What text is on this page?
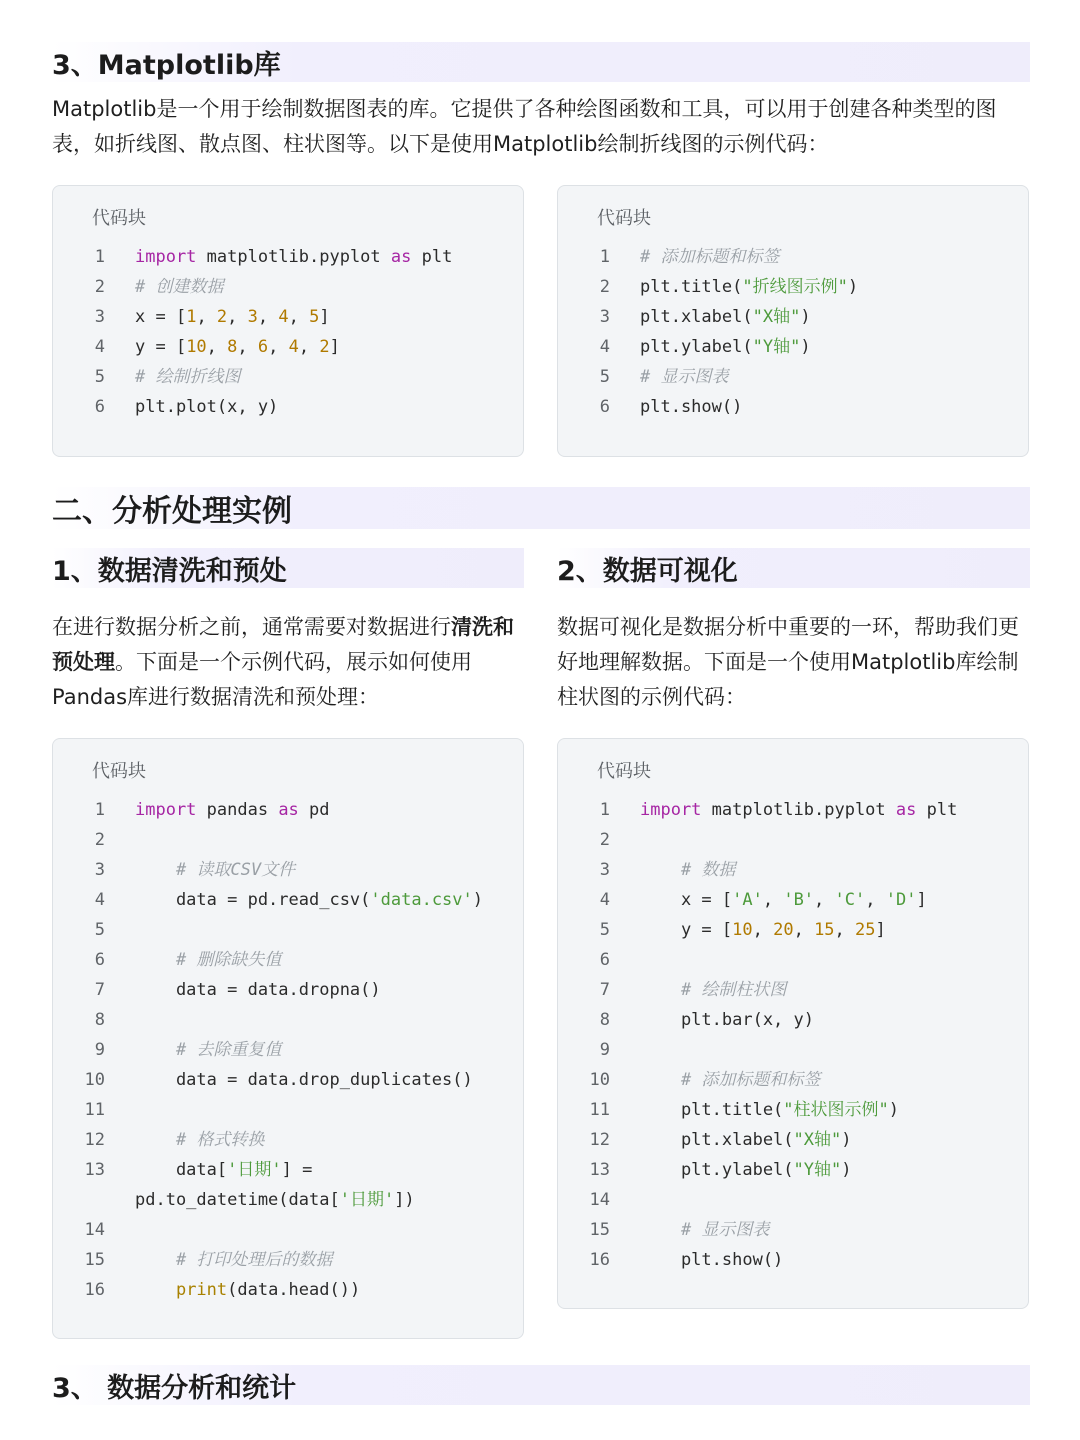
3、Matplotlib库

Matplotlib是一个用于绘制数据图表的库。它提供了各种绘图函数和工具，可以用于创建各种类型的图表，如折线图、散点图、柱状图等。以下是使用Matplotlib绘制折线图的示例代码：

代码块
1 import matplotlib.pyplot as plt
2 # 创建数据
3 x = [1, 2, 3, 4, 5]
4 y = [10, 8, 6, 4, 2]
5 # 绘制折线图
6 plt.plot(x, y)
代码块
1 # 添加标题和标签
2 plt.title("折线图示例")
3 plt.xlabel("X轴")
4 plt.ylabel("Y轴")
5 # 显示图表
6 plt.show()
二、分析处理实例
1、数据清洗和预处	2、数据可视化

在进行数据分析之前，通常需要对数据进行清洗和预处理。下面是一个示例代码，展示如何使用Pandas库进行数据清洗和预处理：

数据可视化是数据分析中重要的一环，帮助我们更好地理解数据。下面是一个使用Matplotlib库绘制柱状图的示例代码：

代码块
1 import pandas as pd
2
3	# 读取CSV文件
4 data = pd.read_csv('data.csv')
5
6	# 删除缺失值
7 data = data.dropna()
8
9	# 去除重复值
10 data = data.drop_duplicates()
11
12	# 格式转换
13 data['日期'] =
pd.to_datetime(data['日期'])
14
15	# 打印处理后的数据
16	print(data.head())
代码块
1 import matplotlib.pyplot as plt
2
3	# 数据
4 x = ['A', 'B', 'C', 'D']
5 y = [10, 20, 15, 25]
6
7	# 绘制柱状图
8 plt.bar(x, y)
9
10	# 添加标题和标签
11 plt.title("柱状图示例")
12 plt.xlabel("X轴")
13 plt.ylabel("Y轴")
14
15	# 显示图表
16 plt.show()
3、 数据分析和统计
